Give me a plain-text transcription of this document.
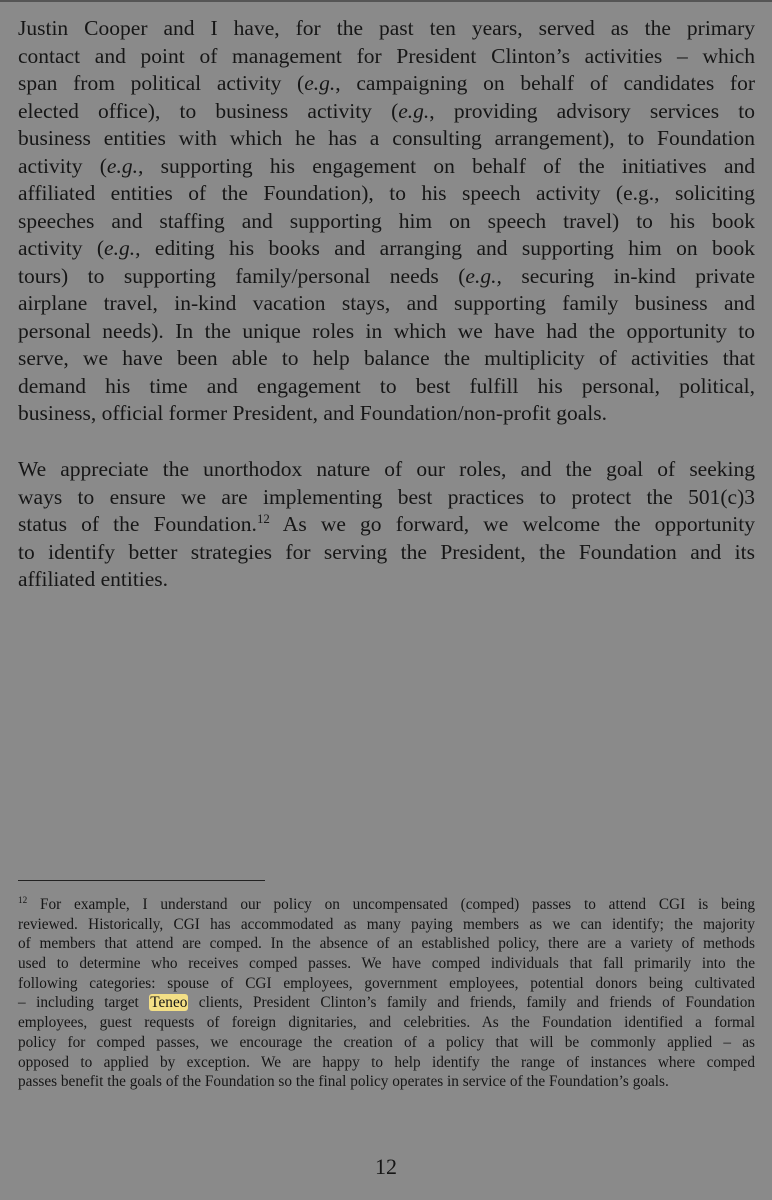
Justin Cooper and I have, for the past ten years, served as the primary
contact and point of management for President Clinton’s activities – which
span from political activity (e.g., campaigning on behalf of candidates for
elected office), to business activity (e.g., providing advisory services to
business entities with which he has a consulting arrangement), to Foundation
activity (e.g., supporting his engagement on behalf of the initiatives and
affiliated entities of the Foundation), to his speech activity (e.g., soliciting
speeches and staffing and supporting him on speech travel) to his book
activity (e.g., editing his books and arranging and supporting him on book
tours) to supporting family/personal needs (e.g., securing in-kind private
airplane travel, in-kind vacation stays, and supporting family business and
personal needs). In the unique roles in which we have had the opportunity to
serve, we have been able to help balance the multiplicity of activities that
demand his time and engagement to best fulfill his personal, political,
business, official former President, and Foundation/non-profit goals.
We appreciate the unorthodox nature of our roles, and the goal of seeking
ways to ensure we are implementing best practices to protect the 501(c)3
status of the Foundation.$^{12}$ As we go forward, we welcome the opportunity
to identify better strategies for serving the President, the Foundation and its
affiliated entities.
$^{12}$ For example, I understand our policy on uncompensated (comped) passes to attend CGI is being
reviewed. Historically, CGI has accommodated as many paying members as we can identify; the majority
of members that attend are comped. In the absence of an established policy, there are a variety of methods
used to determine who receives comped passes. We have comped individuals that fall primarily into the
following categories: spouse of CGI employees, government employees, potential donors being cultivated
– including target Teneo clients, President Clinton’s family and friends, family and friends of Foundation
employees, guest requests of foreign dignitaries, and celebrities. As the Foundation identified a formal
policy for comped passes, we encourage the creation of a policy that will be commonly applied – as
opposed to applied by exception. We are happy to help identify the range of instances where comped
passes benefit the goals of the Foundation so the final policy operates in service of the Foundation’s goals.
12
